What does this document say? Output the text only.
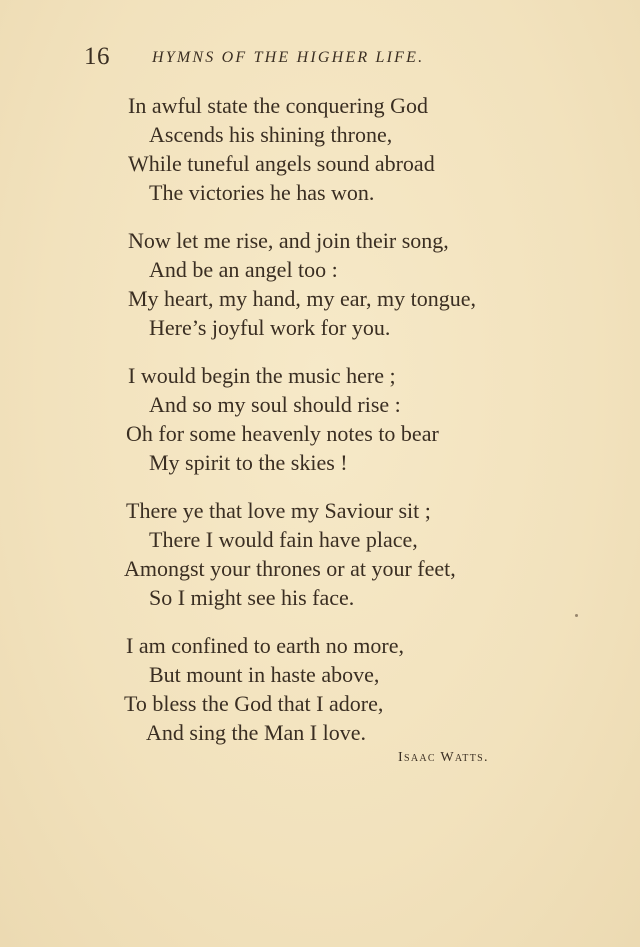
16	HYMNS OF THE HIGHER LIFE.
In awful state the conquering God
Ascends his shining throne,
While tuneful angels sound abroad
The victories he has won.
Now let me rise, and join their song,
And be an angel too :
My heart, my hand, my ear, my tongue,
Here’s joyful work for you.
I would begin the music here ;
And so my soul should rise :
Oh for some heavenly notes to bear
My spirit to the skies !
There ye that love my Saviour sit ;
There I would fain have place,
Amongst your thrones or at your feet,
So I might see his face.
I am confined to earth no more,
But mount in haste above,
To bless the God that I adore,
And sing the Man I love.
Isaac Watts.
